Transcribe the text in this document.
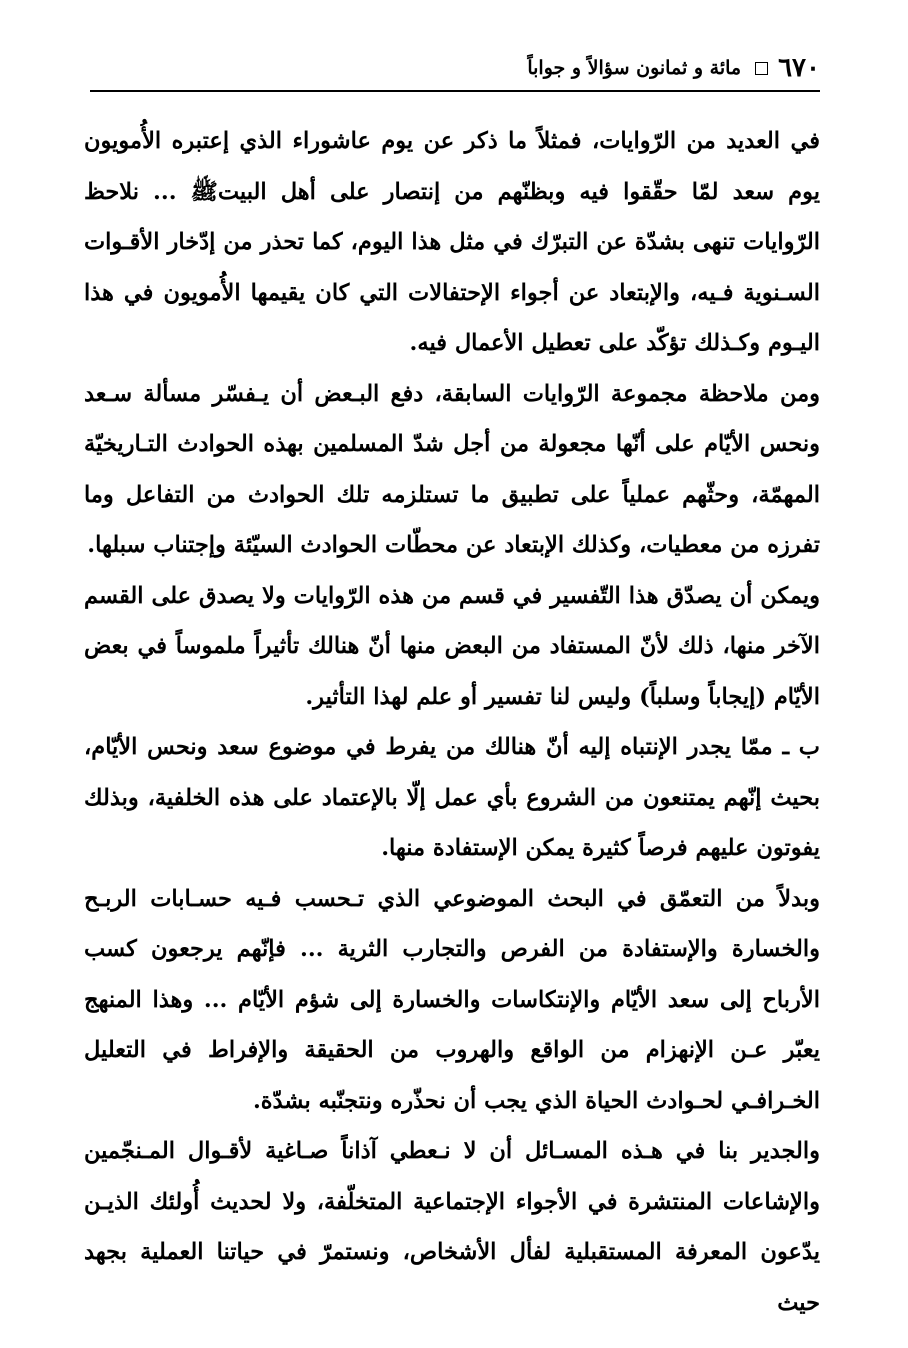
٦٧٠
مائة و ثمانون سؤالاً و جواباً

في العديد من الرّوايات، فمثلاً ما ذكر عن يوم عاشوراء الذي إعتبره الأُمويون يوم سعد لمّا حقّقوا فيه وبظنّهم من إنتصار على أهل البيت‏ﷺ ... نلاحظ الرّوايات تنهى بشدّة عن التبرّك في مثل هذا اليوم، كما تحذر من إدّخار الأقـوات السـنوية فـيه، والإبتعاد عن أجواء الإحتفالات التي كان يقيمها الأُمويون في هذا اليـوم وكـذلك تؤكّد على تعطيل الأعمال فيه.

ومن ملاحظة مجموعة الرّوايات السابقة، دفع البـعض أن يـفسّر مسألة سـعد ونحس الأيّام على أنّها مجعولة من أجل شدّ المسلمين بهذه الحوادث التـاريخيّة المهمّة، وحثّهم عملياً على تطبيق ما تستلزمه تلك الحوادث من التفاعل وما تفرزه من معطيات، وكذلك الإبتعاد عن محطّات الحوادث السيّئة وإجتناب سبلها.

ويمكن أن يصدّق هذا التّفسير في قسم من هذه الرّوايات ولا يصدق على القسم الآخر منها، ذلك لأنّ المستفاد من البعض منها أنّ هنالك تأثيراً ملموساً في بعض الأيّام (إيجاباً وسلباً) وليس لنا تفسير أو علم لهذا التأثير.

ب ـ ممّا يجدر الإنتباه إليه أنّ هنالك من يفرط في موضوع سعد ونحس الأيّام، بحيث إنّهم يمتنعون من الشروع بأي عمل إلّا بالإعتماد على هذه الخلفية، وبذلك يفوتون عليهم فرصاً كثيرة يمكن الإستفادة منها.

وبدلاً من التعمّق في البحث الموضوعي الذي تـحسب فـيه حسـابات الربـح والخسارة والإستفادة من الفرص والتجارب الثرية ... فإنّهم يرجعون كسب الأرباح إلى سعد الأيّام والإنتكاسات والخسارة إلى شؤم الأيّام ... وهذا المنهج يعبّر عـن الإنهزام من الواقع والهروب من الحقيقة والإفراط في التعليل الخـرافـي لحـوادث الحياة الذي يجب أن نحذّره ونتجنّبه بشدّة.

والجدير بنا في هـذه المسـائل أن لا نـعطي آذاناً صـاغية لأقـوال المـنجّمين والإشاعات المنتشرة في الأجواء الإجتماعية المتخلّفة، ولا لحديث أُولئك الذيـن يدّعون المعرفة المستقبلية لفأل الأشخاص، ونستمرّ في حياتنا العملية بجهد حيث
